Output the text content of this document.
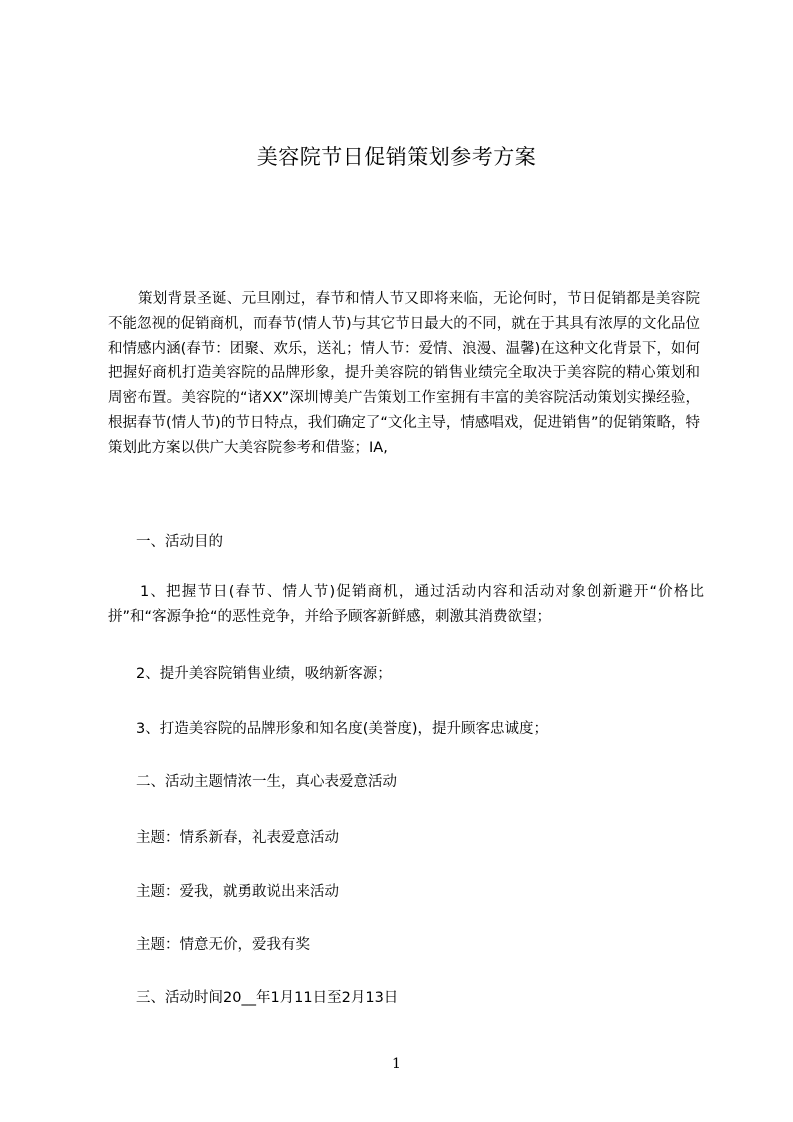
美容院节日促销策划参考方案
策划背景圣诞、元旦刚过，春节和情人节又即将来临，无论何时，节日促销都是美容院不能忽视的促销商机，而春节(情人节)与其它节日最大的不同，就在于其具有浓厚的文化品位和情感内涵(春节：团聚、欢乐，送礼；情人节：爱情、浪漫、温馨)在这种文化背景下，如何把握好商机打造美容院的品牌形象，提升美容院的销售业绩完全取决于美容院的精心策划和周密布置。美容院的“诸XX”深圳博美广告策划工作室拥有丰富的美容院活动策划实操经验，根据春节(情人节)的节日特点，我们确定了“文化主导，情感唱戏，促进销售”的促销策略，特策划此方案以供广大美容院参考和借鉴；IA,
一、活动目的
1、把握节日(春节、情人节)促销商机，通过活动内容和活动对象创新避开“价格比拼”和“客源争抢“的恶性竞争，并给予顾客新鲜感，刺激其消费欲望；
2、提升美容院销售业绩，吸纳新客源；
3、打造美容院的品牌形象和知名度(美誉度)，提升顾客忠诚度；
二、活动主题情浓一生，真心表爱意活动
主题：情系新春，礼表爱意活动
主题：爱我，就勇敢说出来活动
主题：情意无价，爱我有奖
三、活动时间20__年1月11日至2月13日
1
